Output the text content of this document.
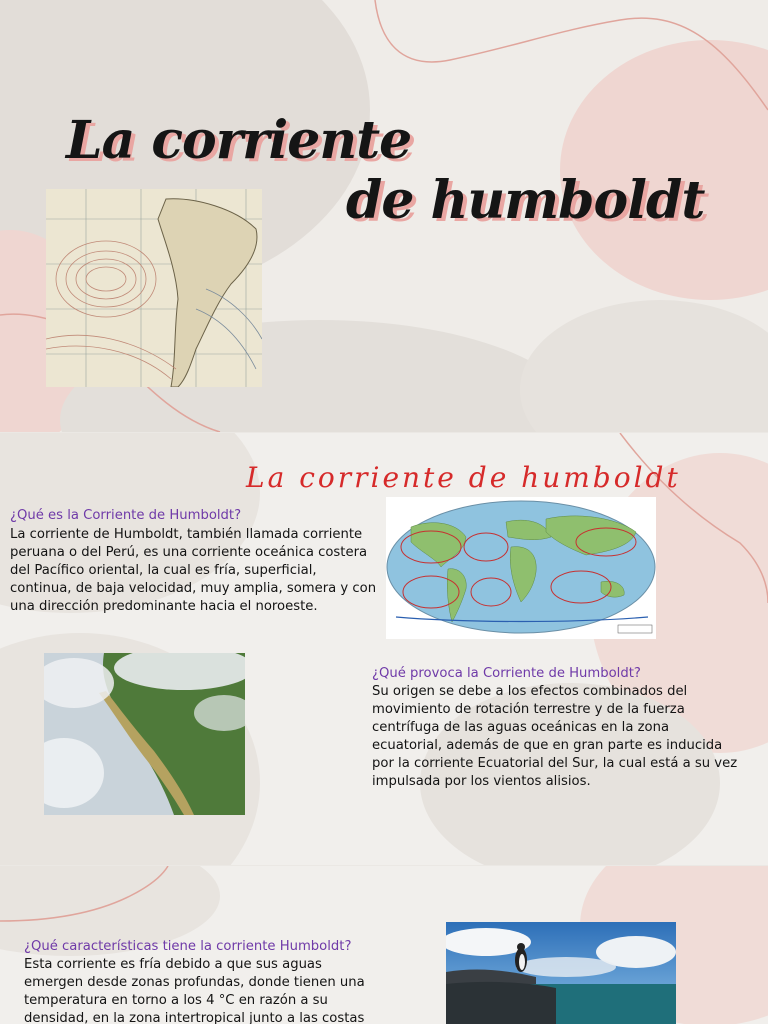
La corriente
de humboldt
La corriente de humboldt
¿Qué es la Corriente de Humboldt?

La corriente de Humboldt, también llamada corriente peruana o del Perú, es una corriente oceánica costera del Pacífico oriental, la cual es fría, superficial, continua, de baja velocidad, muy amplia, somera y con una dirección predominante hacia el noroeste.

¿Qué provoca la Corriente de Humboldt?

Su origen se debe a los efectos combinados del movimiento de rotación terrestre y de la fuerza centrífuga de las aguas oceánicas en la zona ecuatorial, además de que en gran parte es inducida por la corriente Ecuatorial del Sur, la cual está a su vez impulsada por los vientos alisios.

¿Qué características tiene la corriente Humboldt?

Esta corriente es fría debido a que sus aguas emergen desde zonas profundas, donde tienen una temperatura en torno a los 4 °C en razón a su densidad, en la zona intertropical junto a las costas
